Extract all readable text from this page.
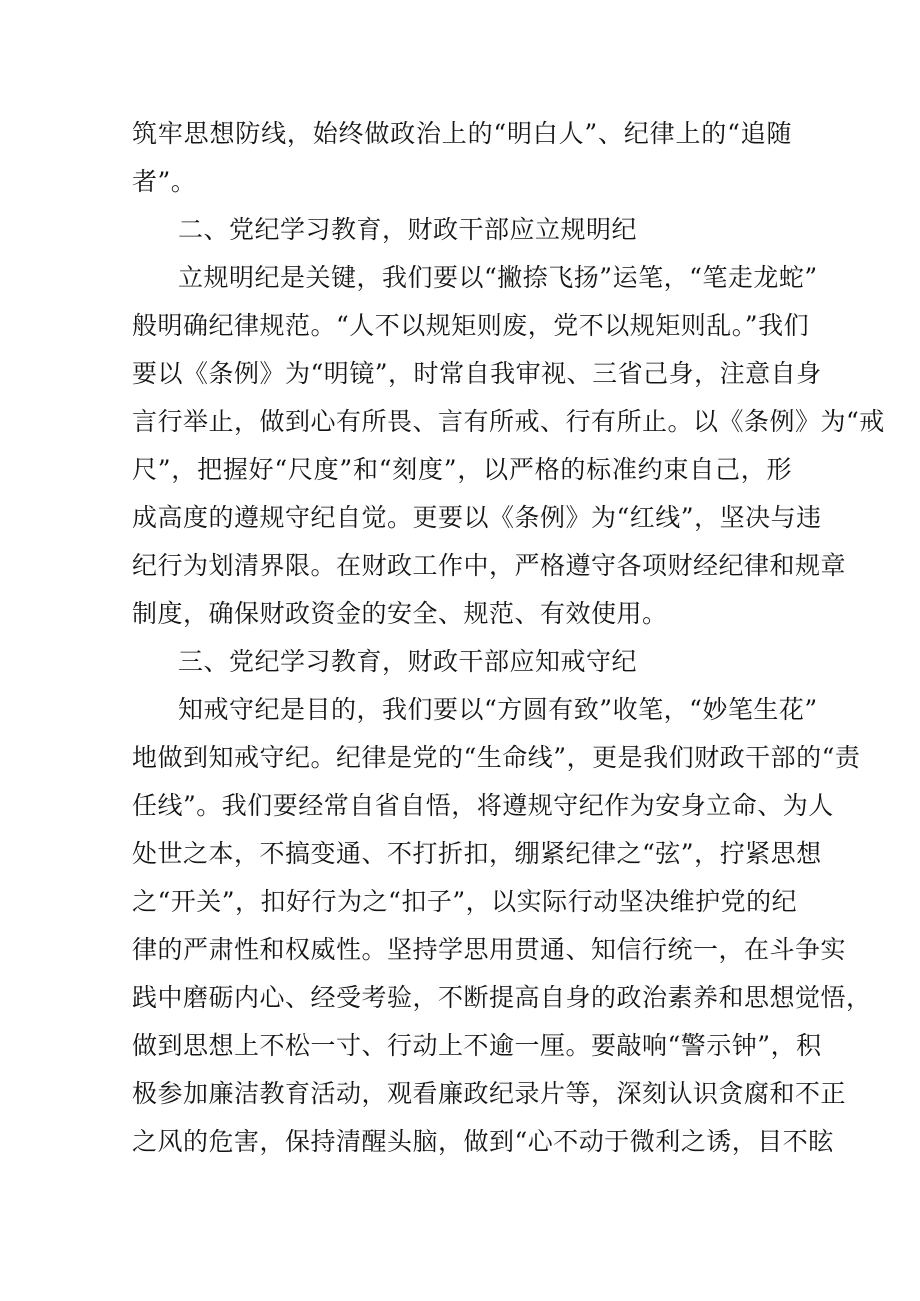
筑牢思想防线，始终做政治上的“明白人”、纪律上的“追随
者”。
二、党纪学习教育，财政干部应立规明纪
立规明纪是关键，我们要以“撇捺飞扬”运笔，“笔走龙蛇”
般明确纪律规范。“人不以规矩则废，党不以规矩则乱。”我们
要以《条例》为“明镜”，时常自我审视、三省己身，注意自身
言行举止，做到心有所畏、言有所戒、行有所止。以《条例》为“戒
尺”，把握好“尺度”和“刻度”，以严格的标准约束自己，形
成高度的遵规守纪自觉。更要以《条例》为“红线”，坚决与违
纪行为划清界限。在财政工作中，严格遵守各项财经纪律和规章
制度，确保财政资金的安全、规范、有效使用。
三、党纪学习教育，财政干部应知戒守纪
知戒守纪是目的，我们要以“方圆有致”收笔，“妙笔生花”
地做到知戒守纪。纪律是党的“生命线”，更是我们财政干部的“责
任线”。我们要经常自省自悟，将遵规守纪作为安身立命、为人
处世之本，不搞变通、不打折扣，绷紧纪律之“弦”，拧紧思想
之“开关”，扣好行为之“扣子”，以实际行动坚决维护党的纪
律的严肃性和权威性。坚持学思用贯通、知信行统一，在斗争实
践中磨砺内心、经受考验，不断提高自身的政治素养和思想觉悟，
做到思想上不松一寸、行动上不逾一厘。要敲响“警示钟”，积
极参加廉洁教育活动，观看廉政纪录片等，深刻认识贪腐和不正
之风的危害，保持清醒头脑，做到“心不动于微利之诱，目不眩
